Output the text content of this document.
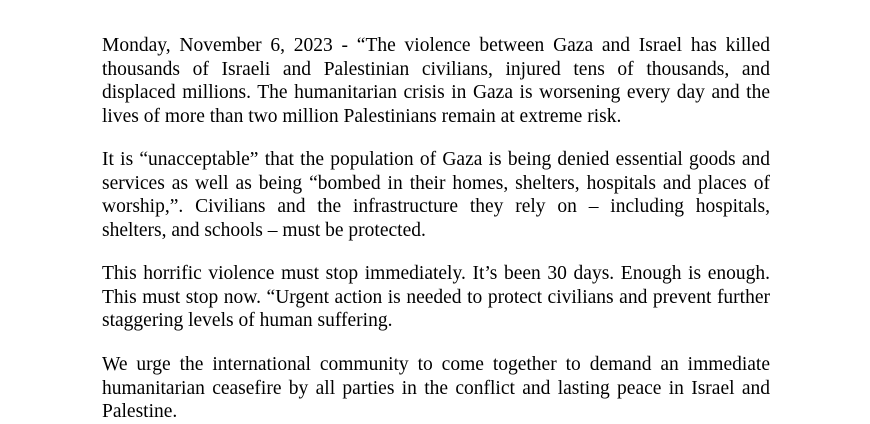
Monday, November 6, 2023 - “The violence between Gaza and Israel has killed
thousands of Israeli and Palestinian civilians, injured tens of thousands, and
displaced millions. The humanitarian crisis in Gaza is worsening every day and the
lives of more than two million Palestinians remain at extreme risk.

It is “unacceptable” that the population of Gaza is being denied essential goods and
services as well as being “bombed in their homes, shelters, hospitals and places of
worship,”. Civilians and the infrastructure they rely on – including hospitals,
shelters, and schools – must be protected.

This horrific violence must stop immediately. It’s been 30 days. Enough is enough.
This must stop now. “Urgent action is needed to protect civilians and prevent further
staggering levels of human suffering.

We urge the international community to come together to demand an immediate
humanitarian ceasefire by all parties in the conflict and lasting peace in Israel and
Palestine.
